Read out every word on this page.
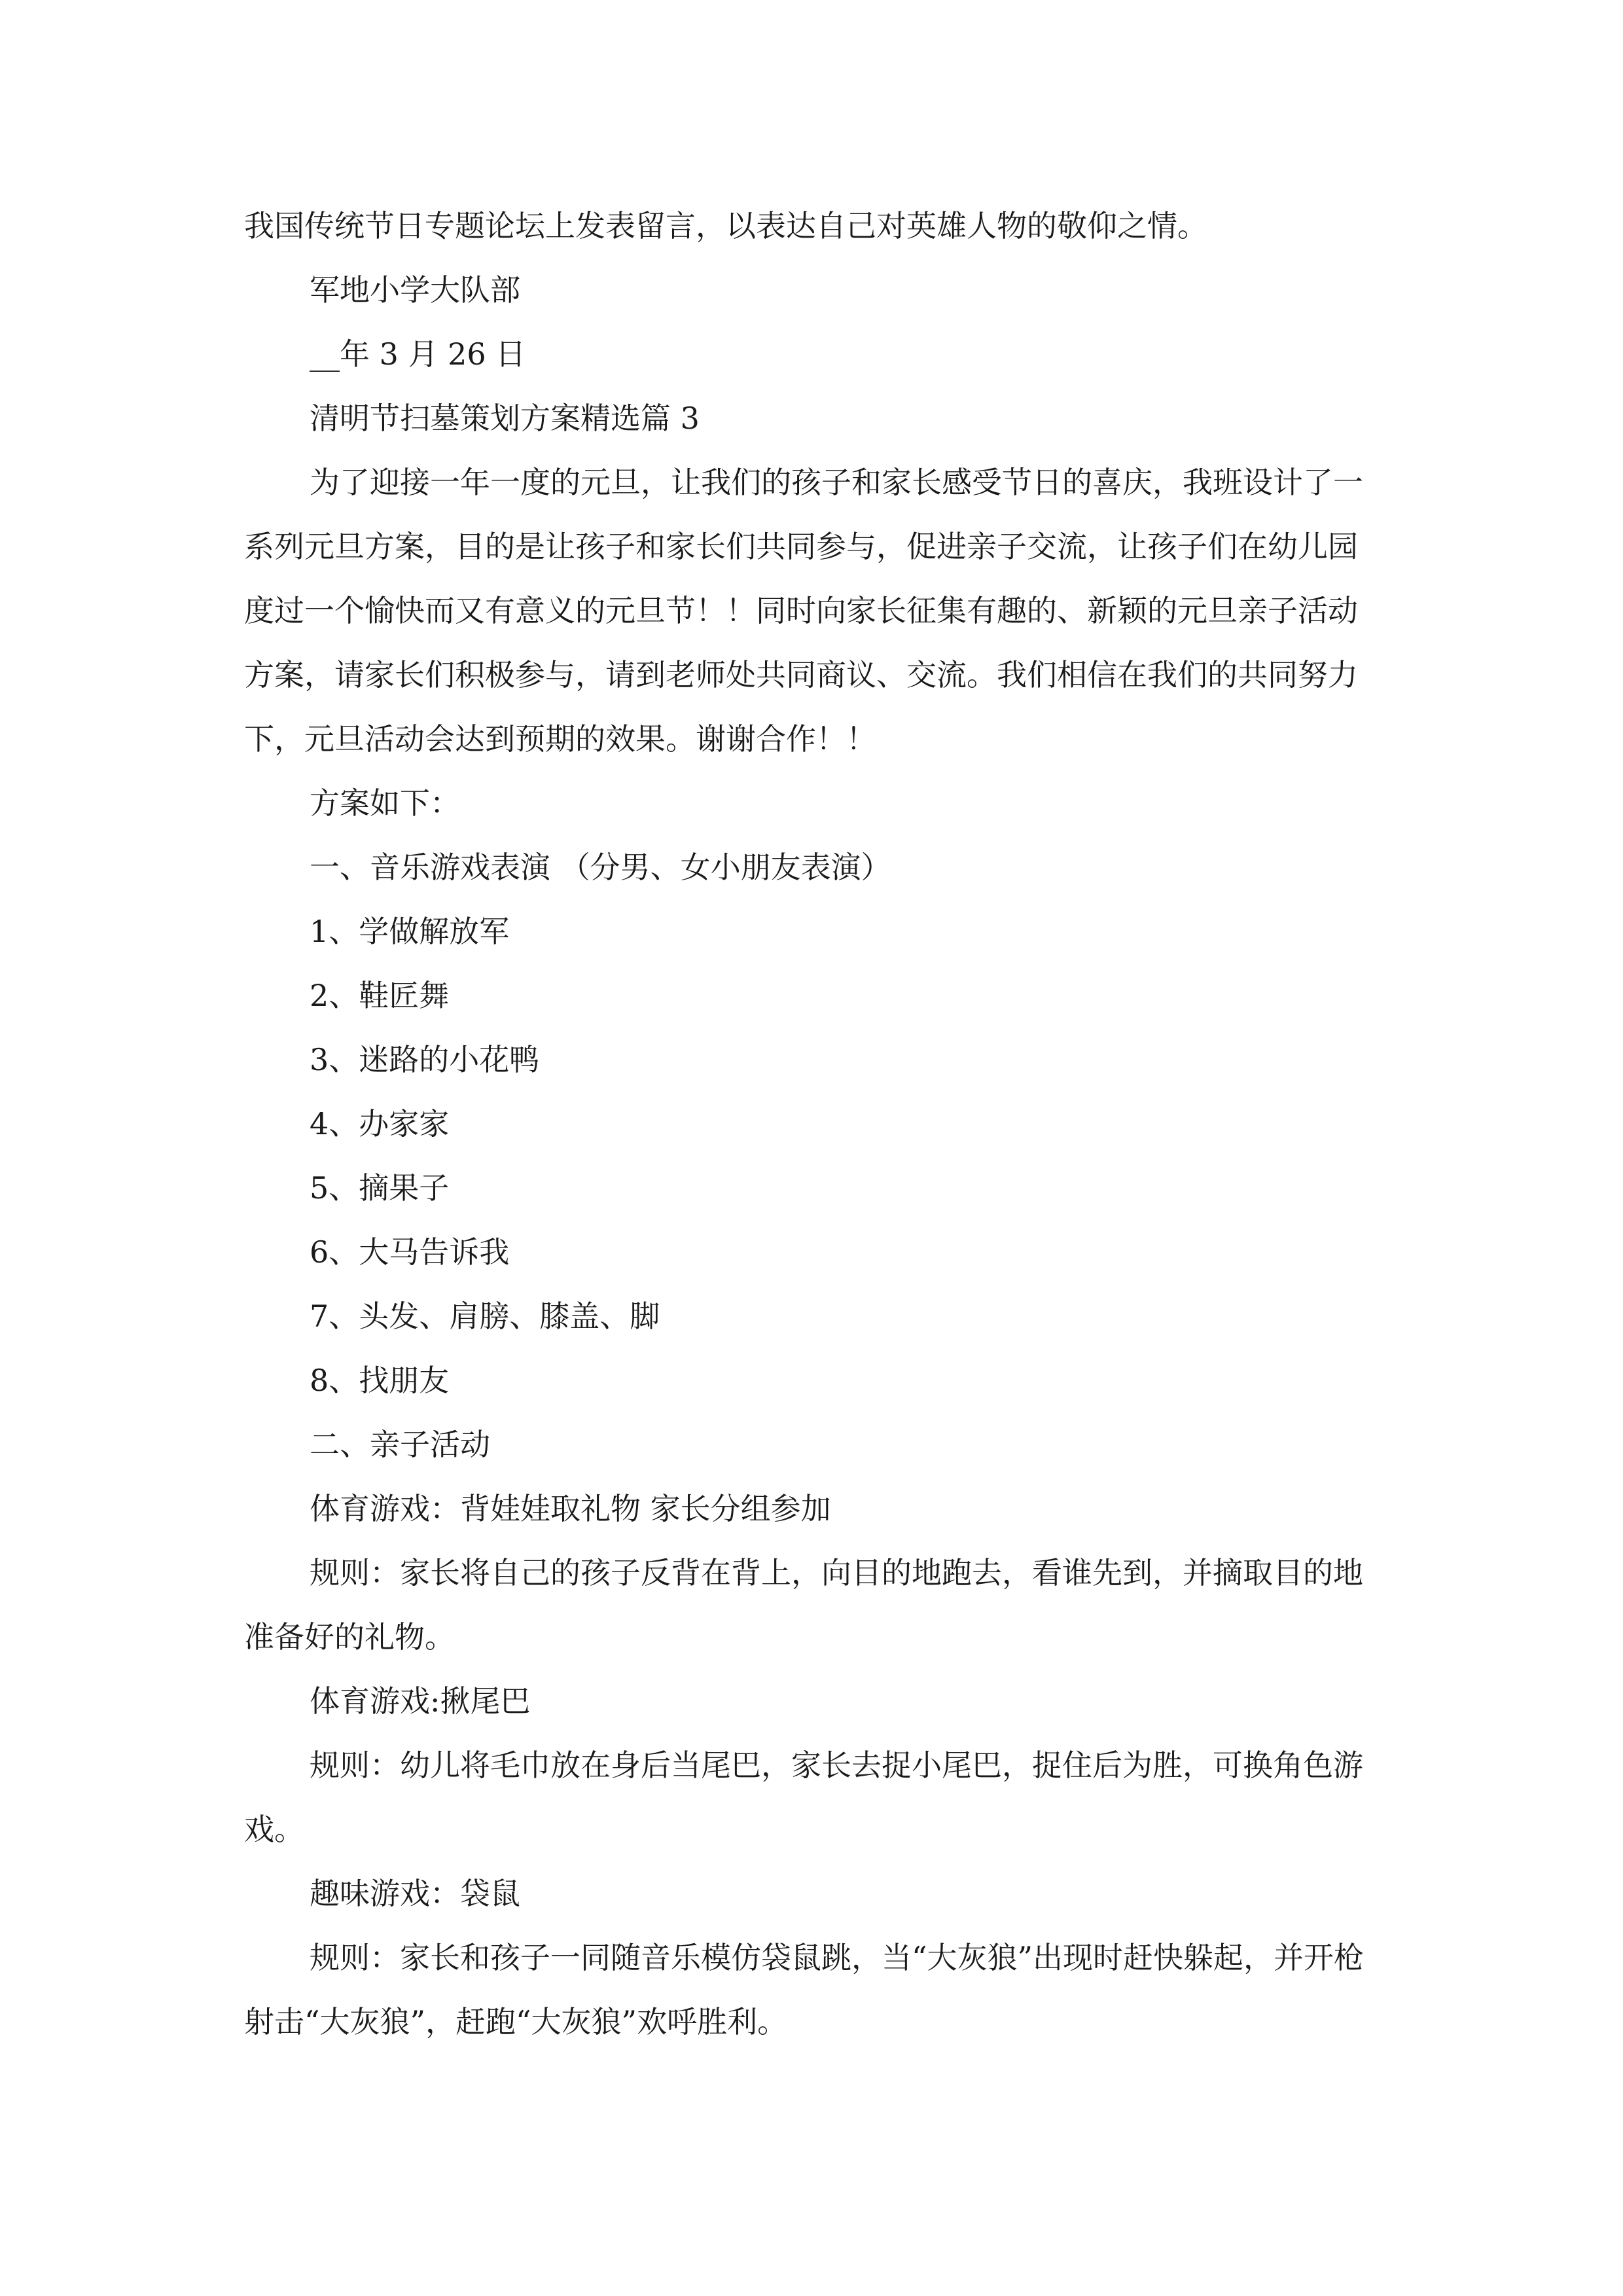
我国传统节日专题论坛上发表留言，以表达自己对英雄人物的敬仰之情。

军地小学大队部

__年 3 月 26 日

清明节扫墓策划方案精选篇 3

为了迎接一年一度的元旦，让我们的孩子和家长感受节日的喜庆，我班设计了一系列元旦方案，目的是让孩子和家长们共同参与，促进亲子交流，让孩子们在幼儿园度过一个愉快而又有意义的元旦节！！同时向家长征集有趣的、新颖的元旦亲子活动方案，请家长们积极参与，请到老师处共同商议、交流。我们相信在我们的共同努力下，元旦活动会达到预期的效果。谢谢合作！！

方案如下：

一、音乐游戏表演 （分男、女小朋友表演）

1、学做解放军

2、鞋匠舞

3、迷路的小花鸭

4、办家家

5、摘果子

6、大马告诉我

7、头发、肩膀、膝盖、脚

8、找朋友

二、亲子活动

体育游戏：背娃娃取礼物 家长分组参加

规则：家长将自己的孩子反背在背上，向目的地跑去，看谁先到，并摘取目的地准备好的礼物。

体育游戏:揪尾巴

规则：幼儿将毛巾放在身后当尾巴，家长去捉小尾巴，捉住后为胜，可换角色游戏。

趣味游戏：袋鼠

规则：家长和孩子一同随音乐模仿袋鼠跳，当“大灰狼”出现时赶快躲起，并开枪射击“大灰狼”，赶跑“大灰狼”欢呼胜利。
